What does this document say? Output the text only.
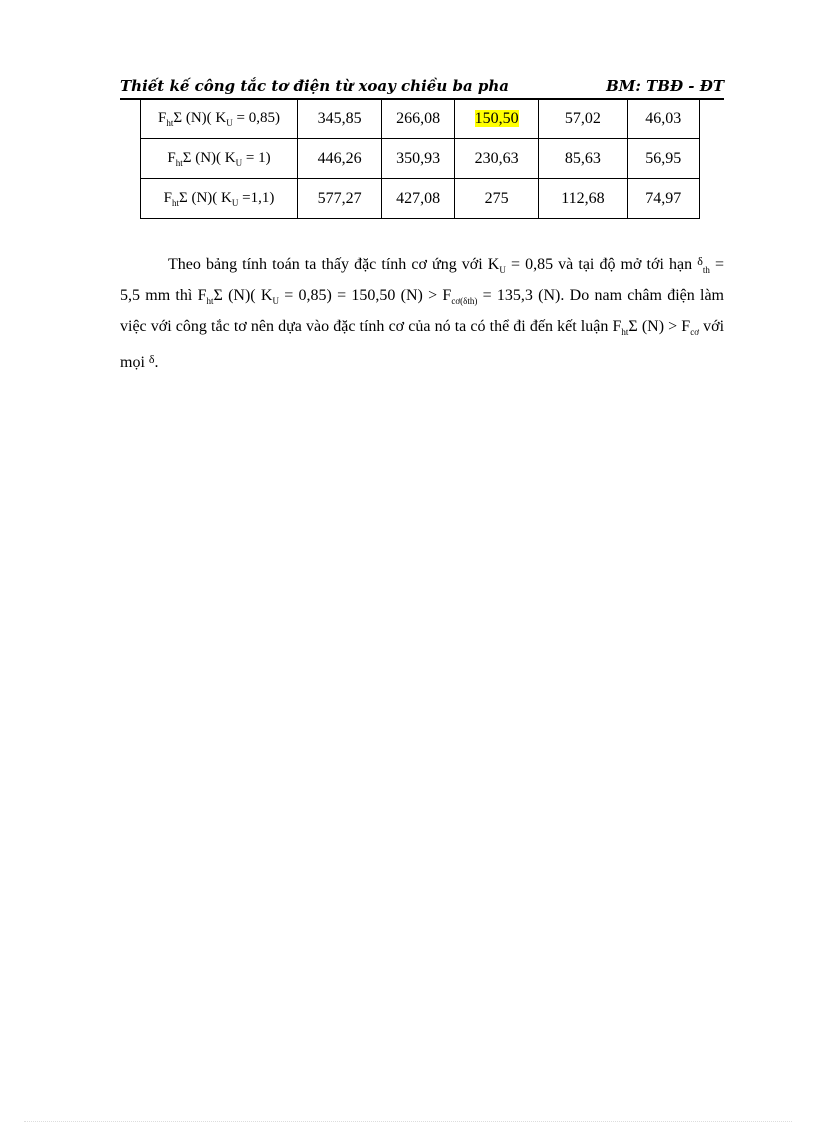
Thiết kế công tắc tơ điện từ xoay chiều ba pha	BM: TBĐ - ĐT
$F_{ht}\Sigma$ (N)( $K_U = 0,85$)	345,85	266,08	150,50	57,02	46,03
$F_{ht}\Sigma$ (N)( $K_U = 1$)	446,26	350,93	230,63	85,63	56,95
$F_{ht}\Sigma$ (N)( $K_U =1,1$)	577,27	427,08	275	112,68	74,97

Theo bảng tính toán ta thấy đặc tính cơ ứng với $K_U = 0,85$ và tại độ mở tới hạn $^\delta_{th}$ = 5,5 mm thì $F_{ht}\Sigma$ (N)( $K_U = 0,85) = 150,50$ $(N) > F_{cơ(\delta th)} = 135,3$ (N). Do nam châm điện làm việc với công tắc tơ nên dựa vào đặc tính cơ của nó ta có thể đi đến kết luận $F_{ht}\Sigma$ $(N) > F_{cơ}$ với mọi $^\delta$.
